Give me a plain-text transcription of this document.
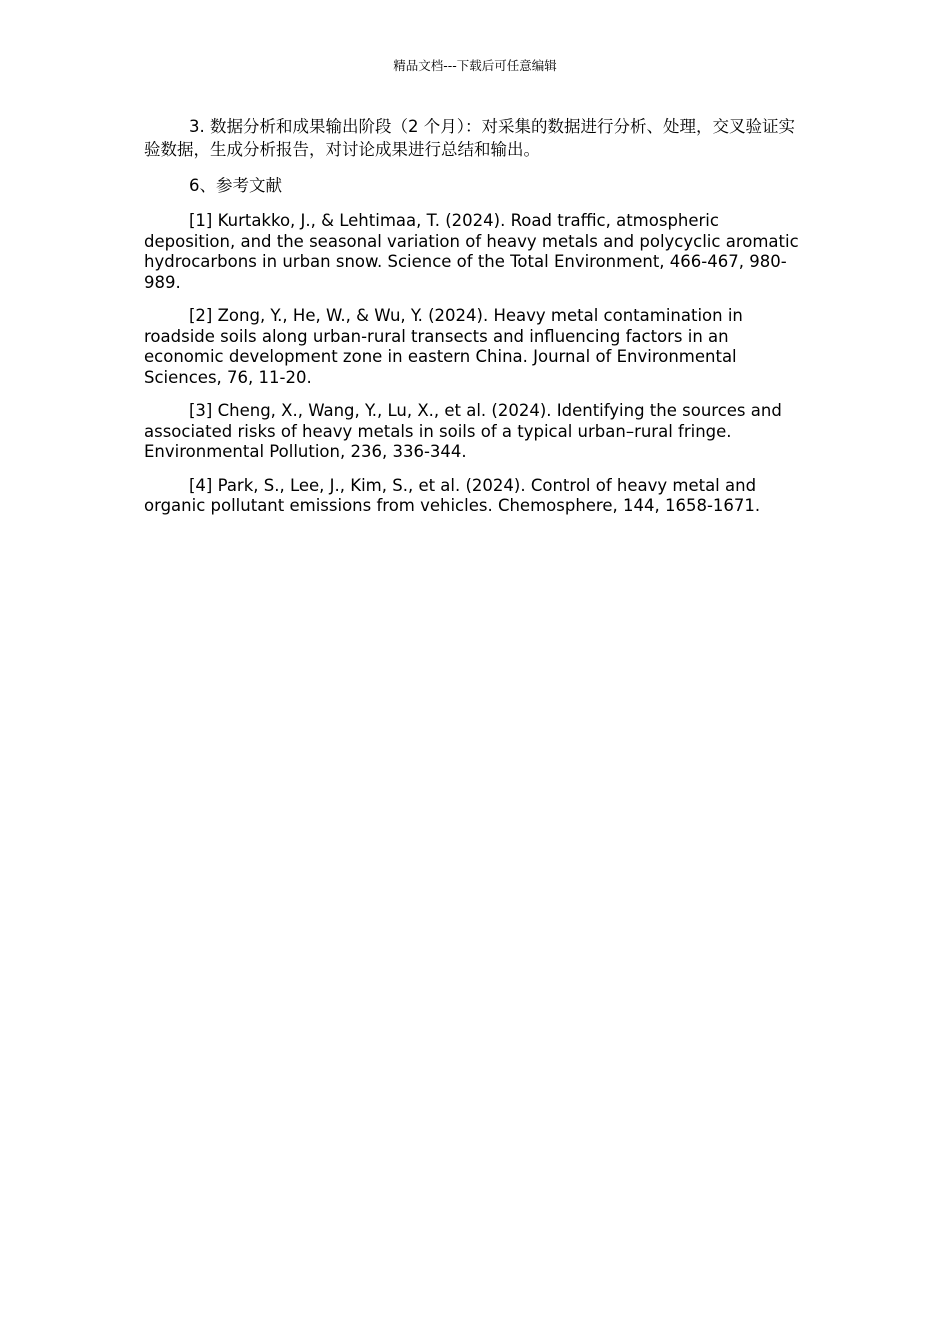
精品文档---下载后可任意编辑

3. 数据分析和成果输出阶段（2 个月）：对采集的数据进行分析、处理，交叉验证实验数据，生成分析报告，对讨论成果进行总结和输出。

6、参考文献

[1] Kurtakko, J., & Lehtimaa, T. (2024). Road traffic, atmospheric deposition, and the seasonal variation of heavy metals and polycyclic aromatic hydrocarbons in urban snow. Science of the Total Environment, 466-467, 980-989.

[2] Zong, Y., He, W., & Wu, Y. (2024). Heavy metal contamination in roadside soils along urban-rural transects and influencing factors in an economic development zone in eastern China. Journal of Environmental Sciences, 76, 11-20.

[3] Cheng, X., Wang, Y., Lu, X., et al. (2024). Identifying the sources and associated risks of heavy metals in soils of a typical urban–rural fringe. Environmental Pollution, 236, 336-344.

[4] Park, S., Lee, J., Kim, S., et al. (2024). Control of heavy metal and organic pollutant emissions from vehicles. Chemosphere, 144, 1658-1671.
